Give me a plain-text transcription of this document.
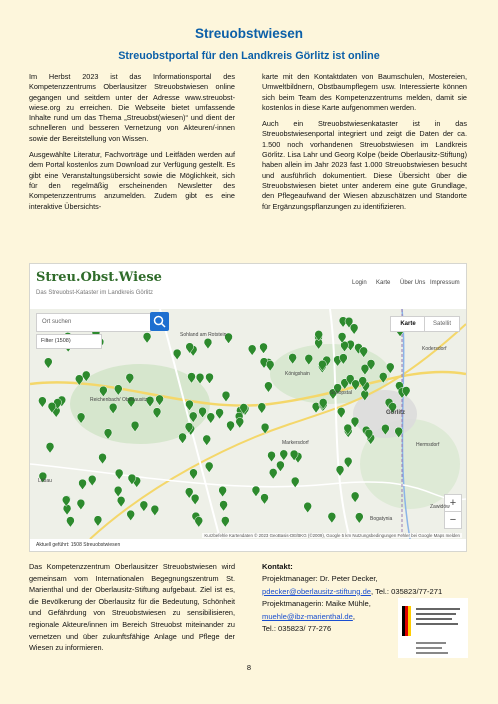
Streuobstwiesen
Streuobstportal für den Landkreis Görlitz ist online

Im Herbst 2023 ist das Informationsportal des Kompetenzzentrums Oberlausitzer Streuobstwiesen online gegangen und seitdem unter der Adresse www.streuobst-wiese.org zu erreichen. Die Webseite bietet umfassende Inhalte rund um das Thema „Streuobst(wiesen)“ und dient der schnelleren und besseren Vernetzung von Akteuren/-innen sowie der Bereitstellung von Wissen.

Ausgewählte Literatur, Fachvorträge und Leitfäden werden auf dem Portal kostenlos zum Download zur Verfügung gestellt. Es gibt eine Veranstaltungsübersicht sowie die Möglichkeit, sich für den regelmäßig erscheinenden Newsletter des Kompetenzzentrums anzumelden. Zudem gibt es eine interaktive Übersichts-

karte mit den Kontaktdaten von Baumschulen, Mostereien, Umweltbildnern, Obstbaumpflegern usw. Interessierte können sich beim Team des Kompetenzzentrums melden, damit sie kostenlos in diese Karte aufgenommen werden.

Auch ein Streuobstwiesenkataster ist in das Streuobstwiesenportal integriert und zeigt die Daten der ca. 1.500 noch vorhandenen Streuobstwiesen im Landkreis Görlitz. Lisa Lahr und Georg Kolpe (beide Oberlausitz-Stiftung) haben allein im Jahr 2023 fast 1.000 Streuobstwiesen besucht und ausführlich dokumentiert. Diese Übersicht über die Streuobstwiesen bietet unter anderem eine gute Grundlage, den Pflegeaufwand der Wiesen abzuschätzen und Standorte für Ergänzungspflanzungen zu identifizieren.

Streu.Obst.Wiese
Das Streuobst-Kataster im Landkreis Görlitz
Login Karte Über Uns Impressum
Ort suchen
Filter (1508)
Karte	Satellit
+
−
Görlitz
Reichenbach/ Oberlausitz
Markersdorf
Königshain
Schöpstal
Hermsdorf
Zawidów
Bogatynia
Kodersdorf
Sohland am Rotstein
Löbau
Kurzbefehle Kartendaten © 2023 GeoBasis-DE/BKG (©2009), Google 5 km Nutzungsbedingungen Fehler bei Google Maps melden
Aktuell geführt: 1508 Streuobstwiesen
Das Kompetenzzentrum Oberlausitzer Streuobstwiesen wird gemeinsam vom Internationalen Begegnungszentrum St. Marienthal und der Oberlausitz-Stiftung aufgebaut. Ziel ist es, die Bevölkerung der Oberlausitz für die Bedeutung, Schönheit und Gefährdung von Streuobstwiesen zu sensibilisieren, regionale Akteure/innen im Bereich Streuobst miteinander zu vernetzen und über zukunftsfähige Anlage und Pflege der Wiesen zu informieren.
Kontakt:
Projektmanager: Dr. Peter Decker,
pdecker@oberlausitz-stiftung.de, Tel.: 035823/77-271
Projektmanagerin: Maike Mühle,
muehle@ibz-marienthal.de,
Tel.: 035823/ 77-276
8
